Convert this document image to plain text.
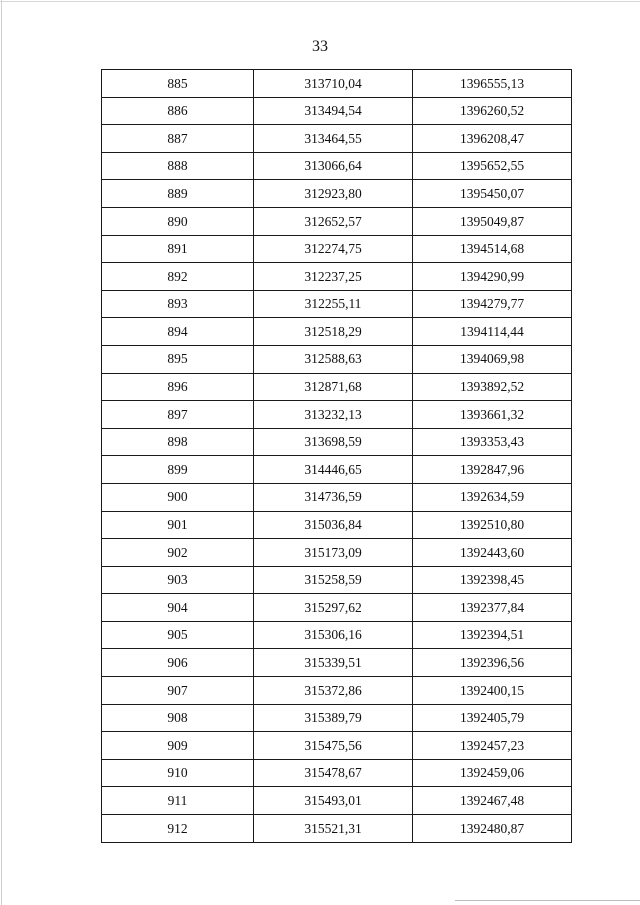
33
885	313710,04	1396555,13
886	313494,54	1396260,52
887	313464,55	1396208,47
888	313066,64	1395652,55
889	312923,80	1395450,07
890	312652,57	1395049,87
891	312274,75	1394514,68
892	312237,25	1394290,99
893	312255,11	1394279,77
894	312518,29	1394114,44
895	312588,63	1394069,98
896	312871,68	1393892,52
897	313232,13	1393661,32
898	313698,59	1393353,43
899	314446,65	1392847,96
900	314736,59	1392634,59
901	315036,84	1392510,80
902	315173,09	1392443,60
903	315258,59	1392398,45
904	315297,62	1392377,84
905	315306,16	1392394,51
906	315339,51	1392396,56
907	315372,86	1392400,15
908	315389,79	1392405,79
909	315475,56	1392457,23
910	315478,67	1392459,06
911	315493,01	1392467,48
912	315521,31	1392480,87
